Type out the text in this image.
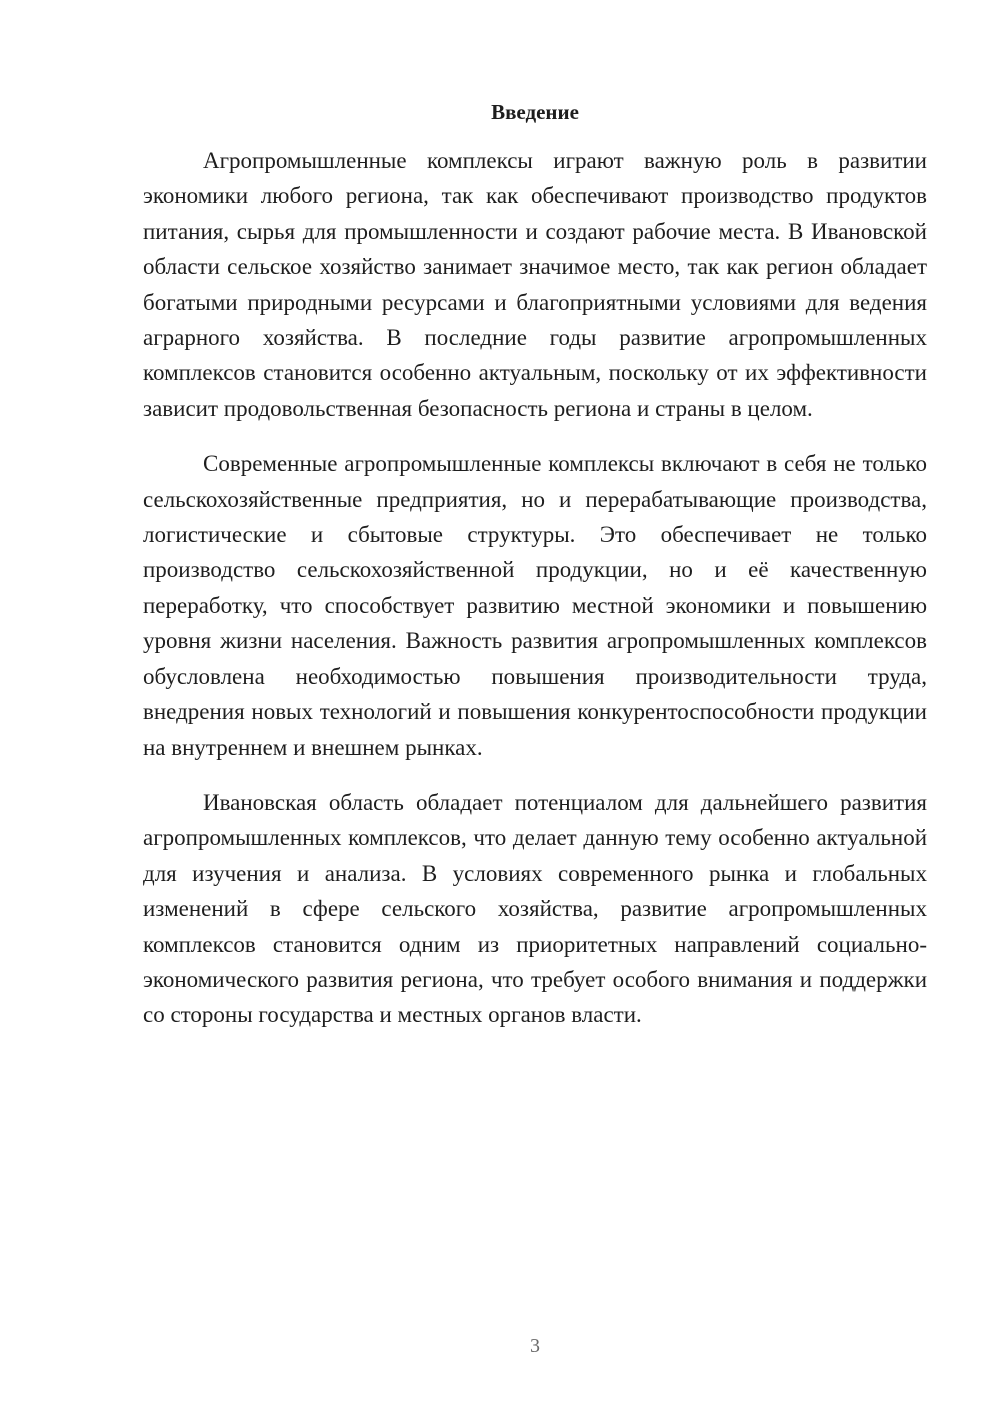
Введение

Агропромышленные комплексы играют важную роль в развитии экономики любого региона, так как обеспечивают производство продуктов питания, сырья для промышленности и создают рабочие места. В Ивановской области сельское хозяйство занимает значимое место, так как регион обладает богатыми природными ресурсами и благоприятными условиями для ведения аграрного хозяйства. В последние годы развитие агропромышленных комплексов становится особенно актуальным, поскольку от их эффективности зависит продовольственная безопасность региона и страны в целом.

Современные агропромышленные комплексы включают в себя не только сельскохозяйственные предприятия, но и перерабатывающие производства, логистические и сбытовые структуры. Это обеспечивает не только производство сельскохозяйственной продукции, но и её качественную переработку, что способствует развитию местной экономики и повышению уровня жизни населения. Важность развития агропромышленных комплексов обусловлена необходимостью повышения производительности труда, внедрения новых технологий и повышения конкурентоспособности продукции на внутреннем и внешнем рынках.

Ивановская область обладает потенциалом для дальнейшего развития агропромышленных комплексов, что делает данную тему особенно актуальной для изучения и анализа. В условиях современного рынка и глобальных изменений в сфере сельского хозяйства, развитие агропромышленных комплексов становится одним из приоритетных направлений социально-экономического развития региона, что требует особого внимания и поддержки со стороны государства и местных органов власти.

3
